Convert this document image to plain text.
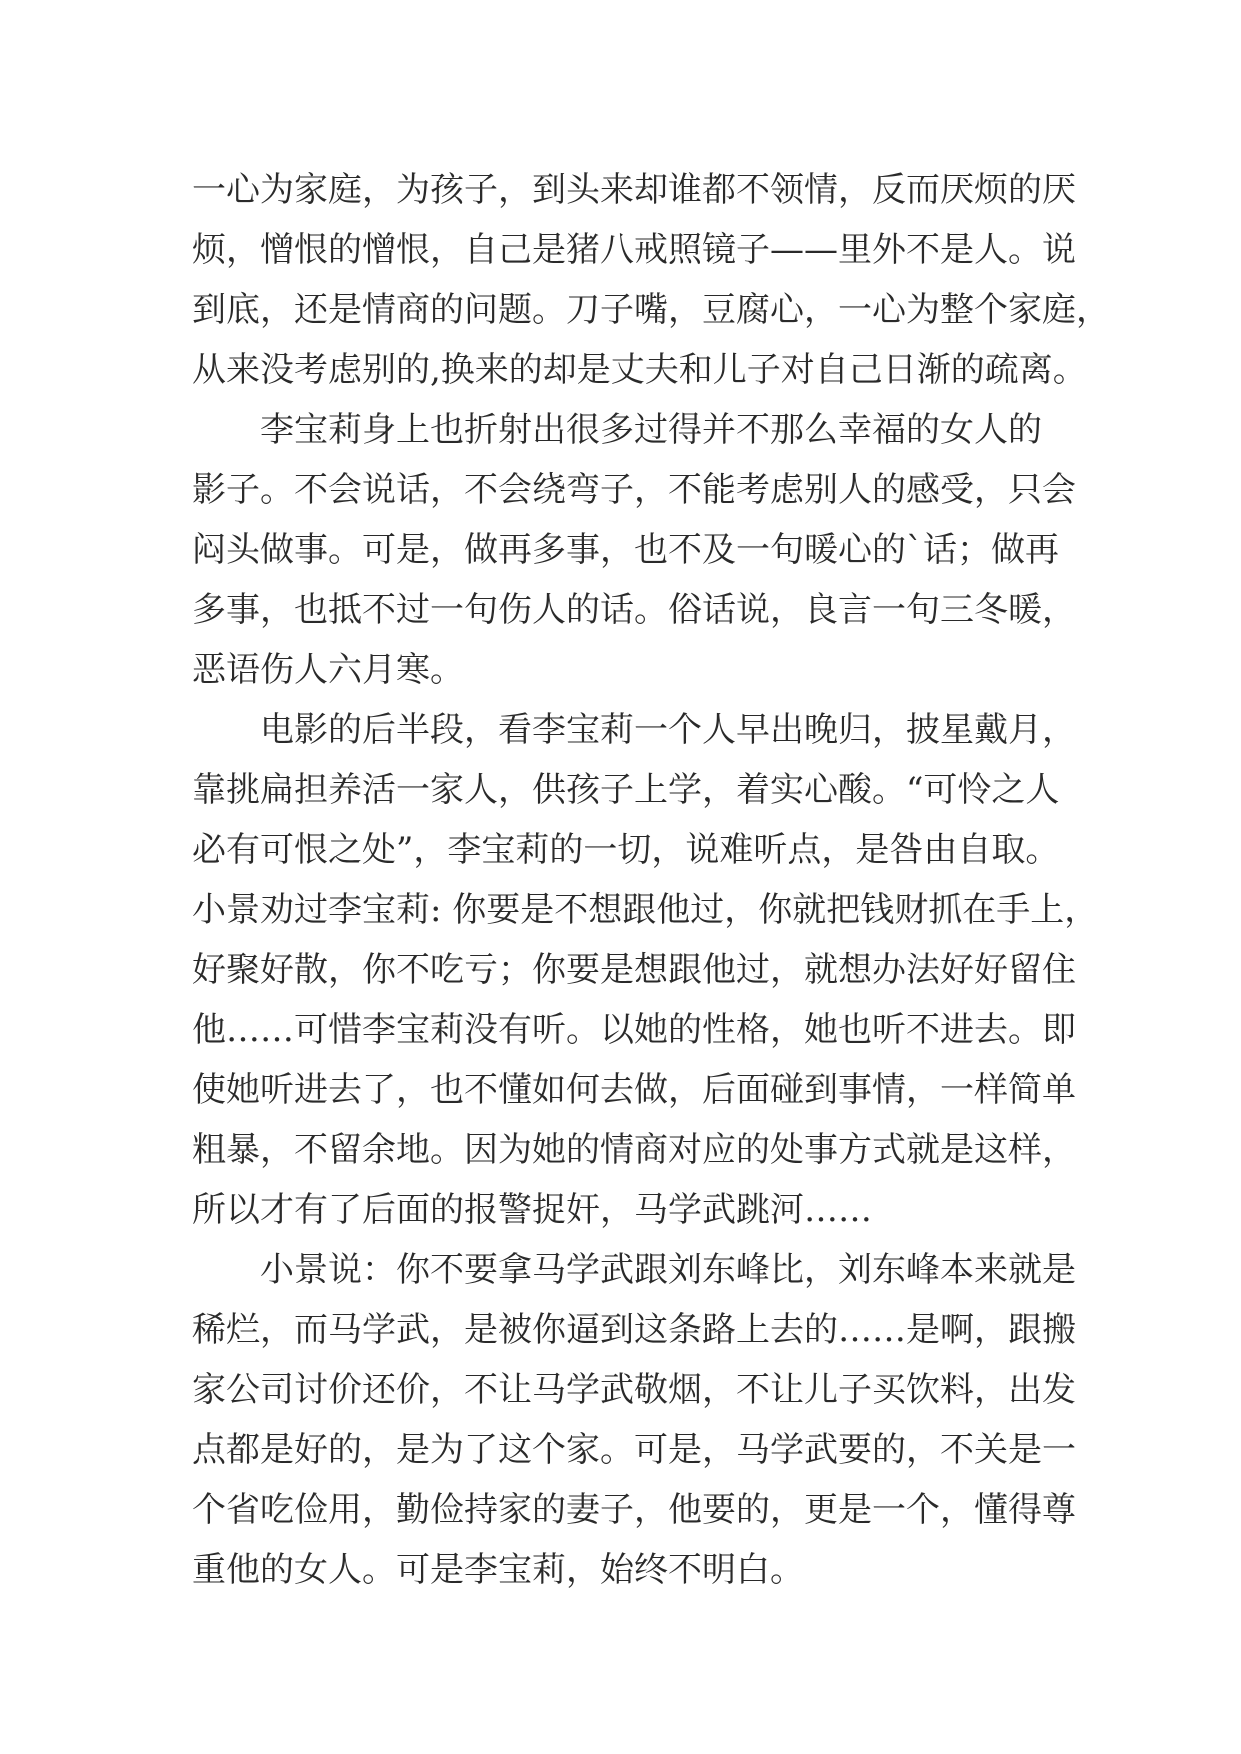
一心为家庭，为孩子，到头来却谁都不领情，反而厌烦的厌
烦，憎恨的憎恨，自己是猪八戒照镜子——里外不是人。说
到底，还是情商的问题。刀子嘴，豆腐心，一心为整个家庭，
从来没考虑别的,换来的却是丈夫和儿子对自己日渐的疏离。
李宝莉身上也折射出很多过得并不那么幸福的女人的
影子。不会说话，不会绕弯子，不能考虑别人的感受，只会
闷头做事。可是，做再多事，也不及一句暖心的`话；做再
多事，也抵不过一句伤人的话。俗话说，良言一句三冬暖，
恶语伤人六月寒。
电影的后半段，看李宝莉一个人早出晚归，披星戴月，
靠挑扁担养活一家人，供孩子上学，着实心酸。“可怜之人
必有可恨之处”，李宝莉的一切，说难听点，是咎由自取。
小景劝过李宝莉: 你要是不想跟他过，你就把钱财抓在手上，
好聚好散，你不吃亏；你要是想跟他过，就想办法好好留住
他……可惜李宝莉没有听。以她的性格，她也听不进去。即
使她听进去了，也不懂如何去做，后面碰到事情，一样简单
粗暴，不留余地。因为她的情商对应的处事方式就是这样，
所以才有了后面的报警捉奸，马学武跳河……
小景说：你不要拿马学武跟刘东峰比，刘东峰本来就是
稀烂，而马学武，是被你逼到这条路上去的……是啊，跟搬
家公司讨价还价，不让马学武敬烟，不让儿子买饮料，出发
点都是好的，是为了这个家。可是，马学武要的，不关是一
个省吃俭用，勤俭持家的妻子，他要的，更是一个，懂得尊
重他的女人。可是李宝莉，始终不明白。
